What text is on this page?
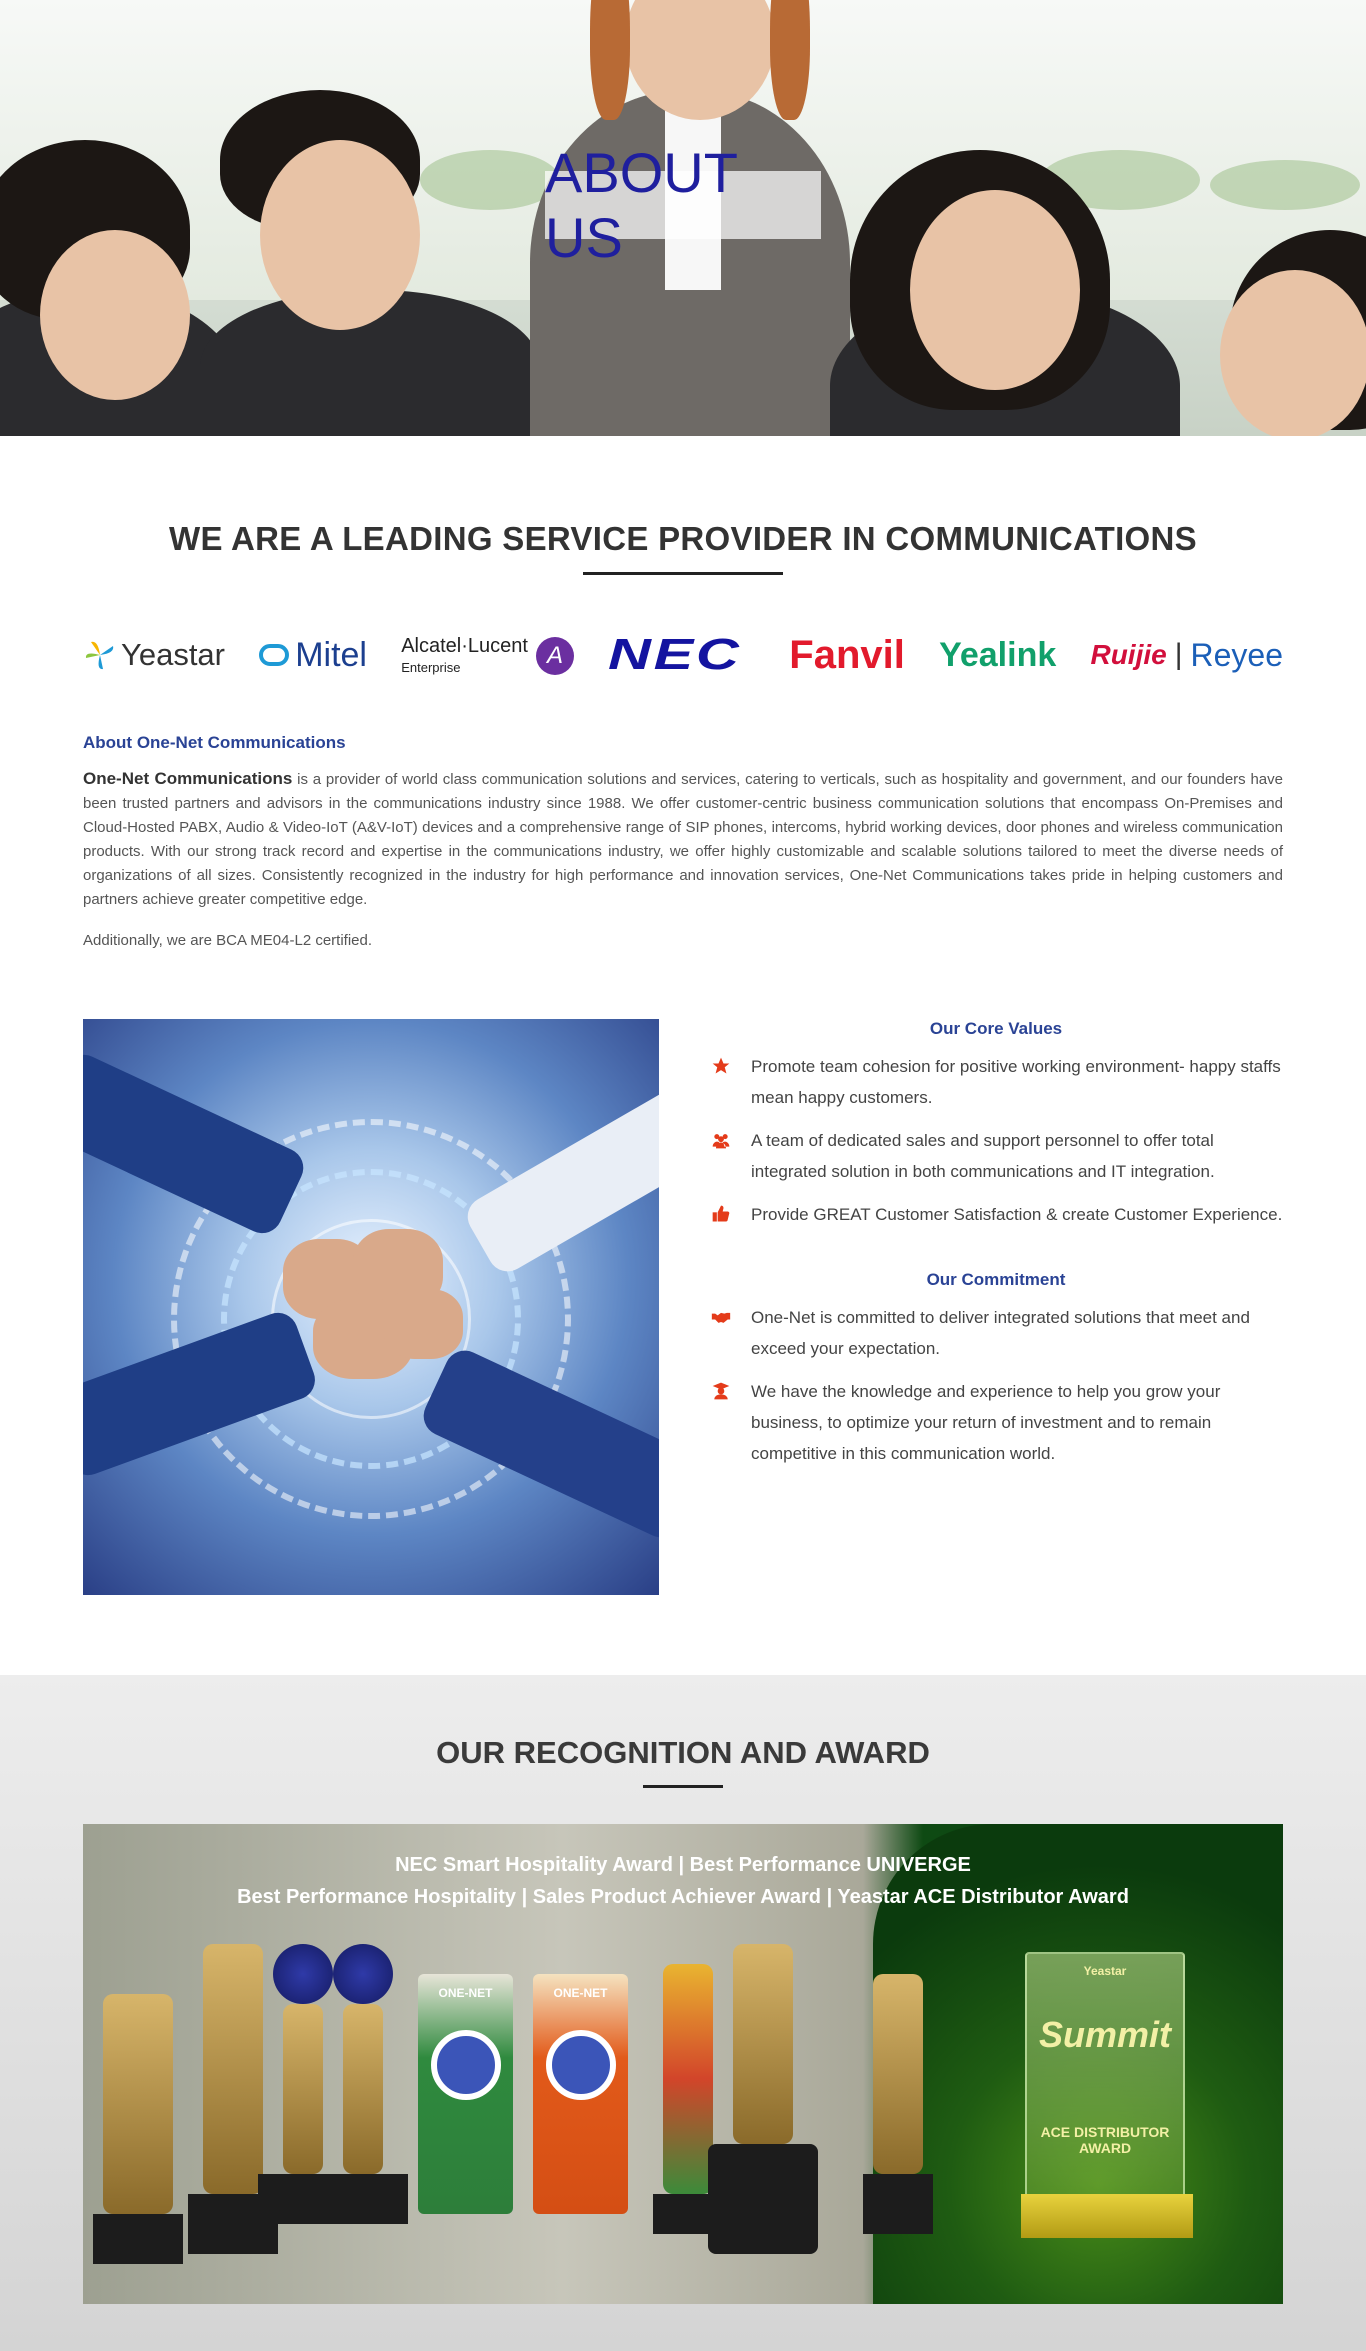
ABOUT US
WE ARE A LEADING SERVICE PROVIDER IN COMMUNICATIONS
Yeastar Mitel Alcatel·Lucent
Enterprise	A NEC Fanvil Yealink Ruijie | Reyee
About One-Net Communications

One-Net Communications is a provider of world class communication solutions and services, catering to verticals, such as hospitality and government, and our founders have been trusted partners and advisors in the communications industry since 1988. We offer customer-centric business communication solutions that encompass On-Premises and Cloud-Hosted PABX, Audio & Video-IoT (A&V-IoT) devices and a comprehensive range of SIP phones, intercoms, hybrid working devices, door phones and wireless communication products. With our strong track record and expertise in the communications industry, we offer highly customizable and scalable solutions tailored to meet the diverse needs of organizations of all sizes. Consistently recognized in the industry for high performance and innovation services, One-Net Communications takes pride in helping customers and partners achieve greater competitive edge.

Additionally, we are BCA ME04-L2 certified.

Our Core Values
Promote team cohesion for positive working environment- happy staffs mean happy customers.
A team of dedicated sales and support personnel to offer total integrated solution in both communications and IT integration.
Provide GREAT Customer Satisfaction & create Customer Experience.
Our Commitment
One-Net is committed to deliver integrated solutions that meet and exceed your expectation.
We have the knowledge and experience to help you grow your business, to optimize your return of investment and to remain competitive in this communication world.
OUR RECOGNITION AND AWARD
NEC Smart Hospitality Award | Best Performance UNIVERGE
Best Performance Hospitality | Sales Product Achiever Award | Yeastar ACE Distributor Award
ONE-NET	ONE-NET
Yeastar
Summit
ACE DISTRIBUTOR AWARD
